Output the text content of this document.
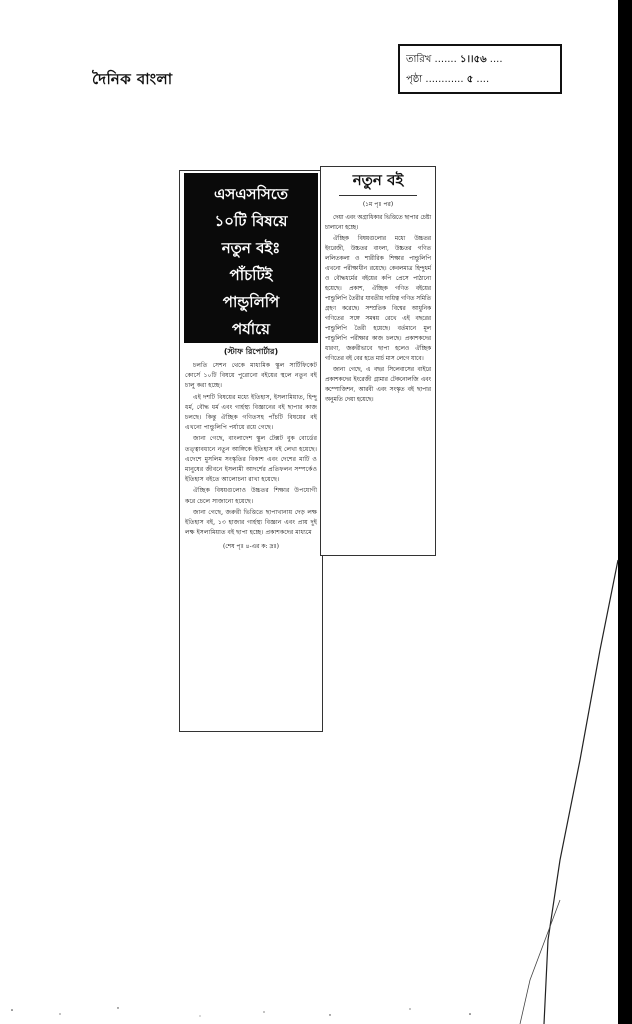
দৈনিক বাংলা
তারিখ ....... ১।।৫৬ ....
পৃষ্ঠা ............ ৫ ....
এসএসসিতে
১০টি বিষয়ে
নতুন বইঃ
পাঁচটিই
পান্ডুলিপি
পর্যায়ে
(স্টাফ রিপোর্টার)

চলতি সেশন থেকে মাধ্যমিক স্কুল সার্টিফিকেট কোর্সে ১০টি বিষয়ে পুরোনো বইয়ের স্থলে নতুন বই চালু করা হচ্ছে।

এই দশটি বিষয়ের মধ্যে ইতিহাস, ইসলামিয়াত, হিন্দু ধর্ম, বৌদ্ধ ধর্ম এবং গার্হস্থ্য বিজ্ঞানের বই ছাপার কাজ চলছে। কিন্তু ঐচ্ছিক গণিতসহ পাঁচটি বিষয়ের বই এখনো পান্ডুলিপি পর্যায়ে রয়ে গেছে।

জানা গেছে, বাংলাদেশ স্কুল টেক্সট বুক বোর্ডের তত্ত্বাবধানে নতুন আঙ্গিকে ইতিহাস বই লেখা হয়েছে। এদেশে মুসলিম সংস্কৃতির বিকাশ এবং দেশের মাটি ও মানুষের জীবনে ইসলামী আদর্শের প্রতিফলন সম্পর্কেও ইতিহাস বইতে আলোচনা রাখা হয়েছে।

ঐচ্ছিক বিষয়গুলোও উচ্চতর শিক্ষার উপযোগী করে চেলে সাজানো হয়েছে।

জানা গেছে, জরুরী ভিত্তিতে ছাপাখানায় দেড় লক্ষ ইতিহাস বই, ১৩ হাজার গার্হস্থ্য বিজ্ঞান এবং প্রায় দুই লক্ষ ইসলামিয়াত বই ছাপা হচ্ছে। প্রকাশকদের মাধ্যমে

(শেষ পৃঃ ৪-এর ক: দ্রঃ)
নতুন বই
(১ম পৃঃ পর)

দেয়া এবং অগ্রাধিকার ভিত্তিতে ছাপার চেষ্টা চালানো হচ্ছে।

ঐচ্ছিক বিষয়গুলোর মধ্যে উচ্চতর ইংরেজী, উচ্চতর বাংলা, উচ্চতর গণিত ললিতকলা ও শারীরিক শিক্ষার পান্ডুলিপি এখনো পরীক্ষাধীন রয়েছে। কেবলমাত্র হিন্দুধর্ম ও বৌদ্ধধর্মের বইয়ের কপি প্রেসে পাঠানো হয়েছে। প্রকাশ, ঐচ্ছিক গণিত বইয়ের পান্ডুলিপি তৈরীর যাবতীয় দায়িত্ব গণিত সমিতি গ্রহণ করেছে। সম্প্রতিক বিশ্বের আধুনিক গণিতের সঙ্গে সমন্বয় রেখে এই বছরের পান্ডুলিপি তৈরী হয়েছে। বর্তমানে মূল পান্ডুলিপি পরীক্ষার কাজ চলছে। প্রকাশকদের ধারণা, জরুরীভাবে ছাপা হলেও ঐচ্ছিক গণিতের বই বের হতে মার্চ মাস লেগে যাবে।

জানা গেছে, এ বছর সিলেবাসের বাইরে প্রকাশকদের ইংরেজী গ্রামার টেকনোলজি এবং কম্পোজিশন, আরবী এবং সংস্কৃত বই ছাপার অনুমতি দেয়া হয়েছে।
